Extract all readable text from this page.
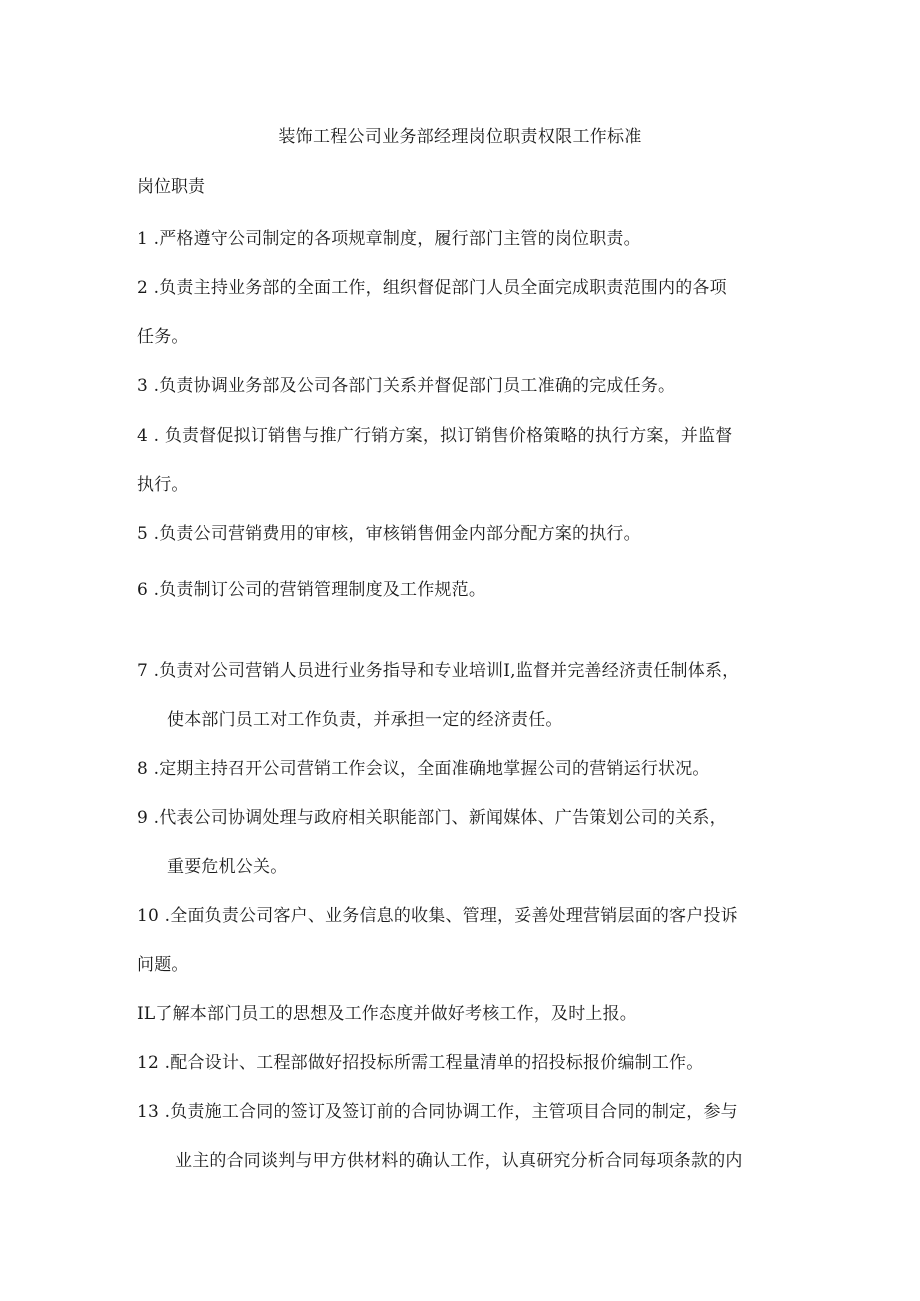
装饰工程公司业务部经理岗位职责权限工作标准
岗位职责
1 .严格遵守公司制定的各项规章制度，履行部门主管的岗位职责。
2 .负责主持业务部的全面工作，组织督促部门人员全面完成职责范围内的各项
任务。
3 .负责协调业务部及公司各部门关系并督促部门员工准确的完成任务。
4 . 负责督促拟订销售与推广行销方案，拟订销售价格策略的执行方案，并监督
执行。
5 .负责公司营销费用的审核，审核销售佣金内部分配方案的执行。
6 .负责制订公司的营销管理制度及工作规范。
7 .负责对公司营销人员进行业务指导和专业培训I,监督并完善经济责任制体系，
使本部门员工对工作负责，并承担一定的经济责任。
8 .定期主持召开公司营销工作会议，全面准确地掌握公司的营销运行状况。
9 .代表公司协调处理与政府相关职能部门、新闻媒体、广告策划公司的关系，
重要危机公关。
10 .全面负责公司客户、业务信息的收集、管理，妥善处理营销层面的客户投诉
问题。
IL了解本部门员工的思想及工作态度并做好考核工作，及时上报。
12 .配合设计、工程部做好招投标所需工程量清单的招投标报价编制工作。
13 .负责施工合同的签订及签订前的合同协调工作，主管项目合同的制定，参与
业主的合同谈判与甲方供材料的确认工作，认真研究分析合同每项条款的内
